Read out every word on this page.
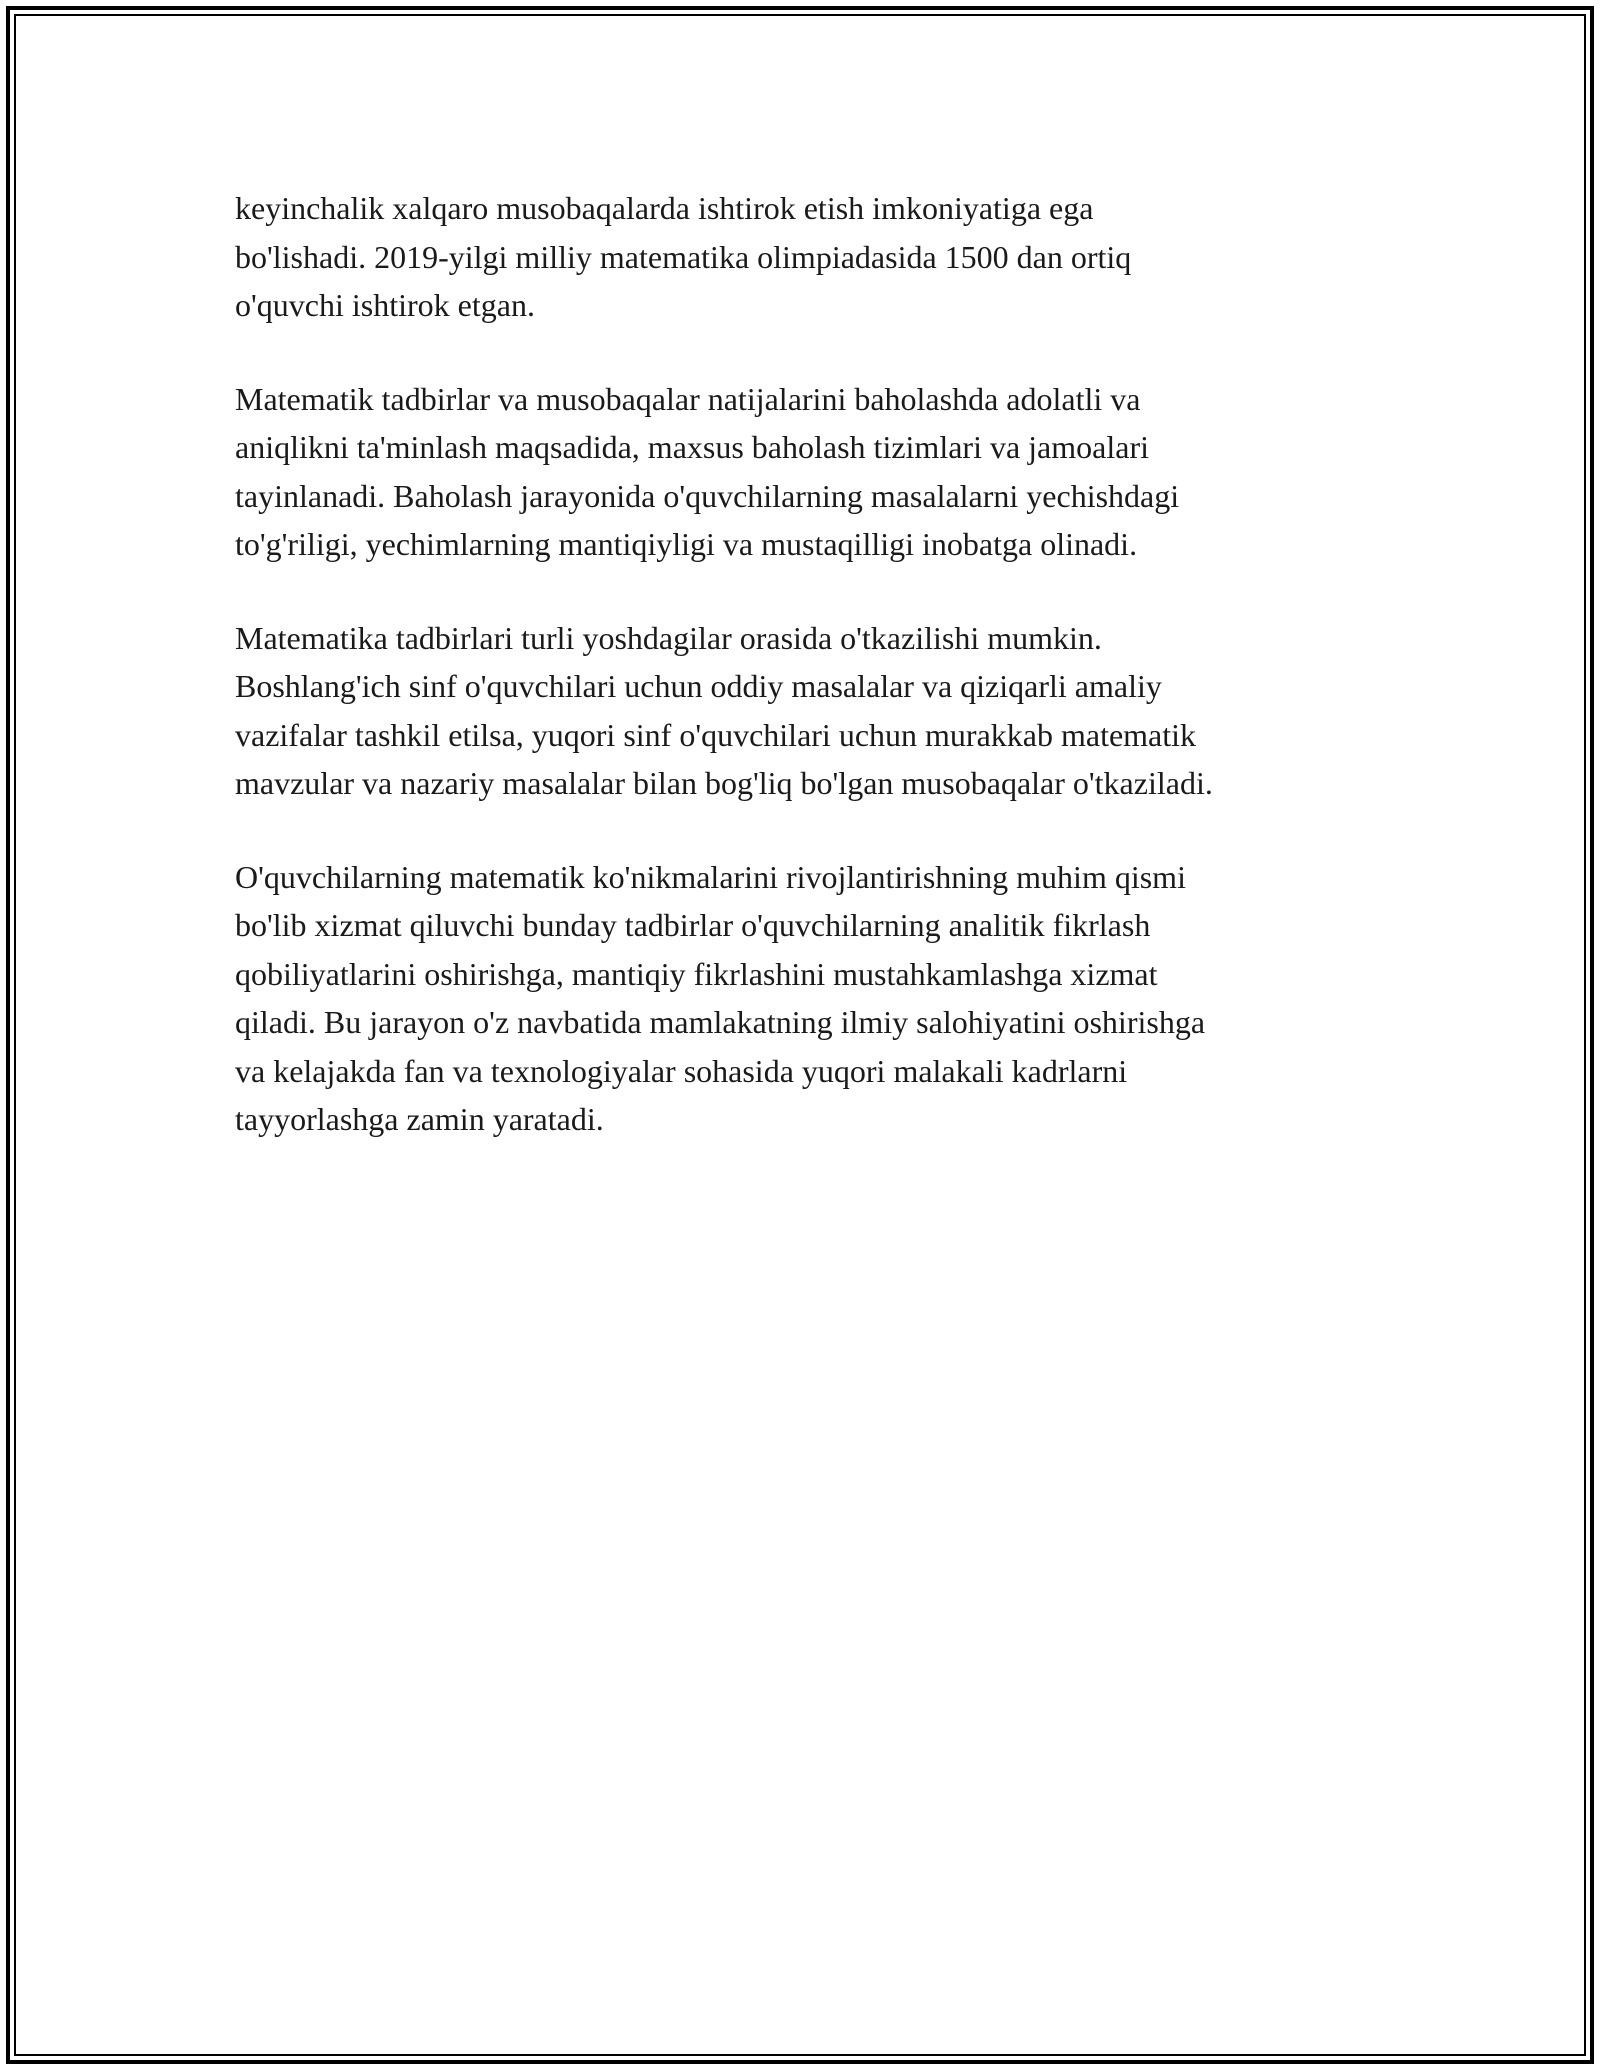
keyinchalik xalqaro musobaqalarda ishtirok etish imkoniyatiga ega
bo'lishadi. 2019-yilgi milliy matematika olimpiadasida 1500 dan ortiq
o'quvchi ishtirok etgan.

Matematik tadbirlar va musobaqalar natijalarini baholashda adolatli va
aniqlikni ta'minlash maqsadida, maxsus baholash tizimlari va jamoalari
tayinlanadi. Baholash jarayonida o'quvchilarning masalalarni yechishdagi
to'g'riligi, yechimlarning mantiqiyligi va mustaqilligi inobatga olinadi.

Matematika tadbirlari turli yoshdagilar orasida o'tkazilishi mumkin.
Boshlang'ich sinf o'quvchilari uchun oddiy masalalar va qiziqarli amaliy
vazifalar tashkil etilsa, yuqori sinf o'quvchilari uchun murakkab matematik
mavzular va nazariy masalalar bilan bog'liq bo'lgan musobaqalar o'tkaziladi.

O'quvchilarning matematik ko'nikmalarini rivojlantirishning muhim qismi
bo'lib xizmat qiluvchi bunday tadbirlar o'quvchilarning analitik fikrlash
qobiliyatlarini oshirishga, mantiqiy fikrlashini mustahkamlashga xizmat
qiladi. Bu jarayon o'z navbatida mamlakatning ilmiy salohiyatini oshirishga
va kelajakda fan va texnologiyalar sohasida yuqori malakali kadrlarni
tayyorlashga zamin yaratadi.
